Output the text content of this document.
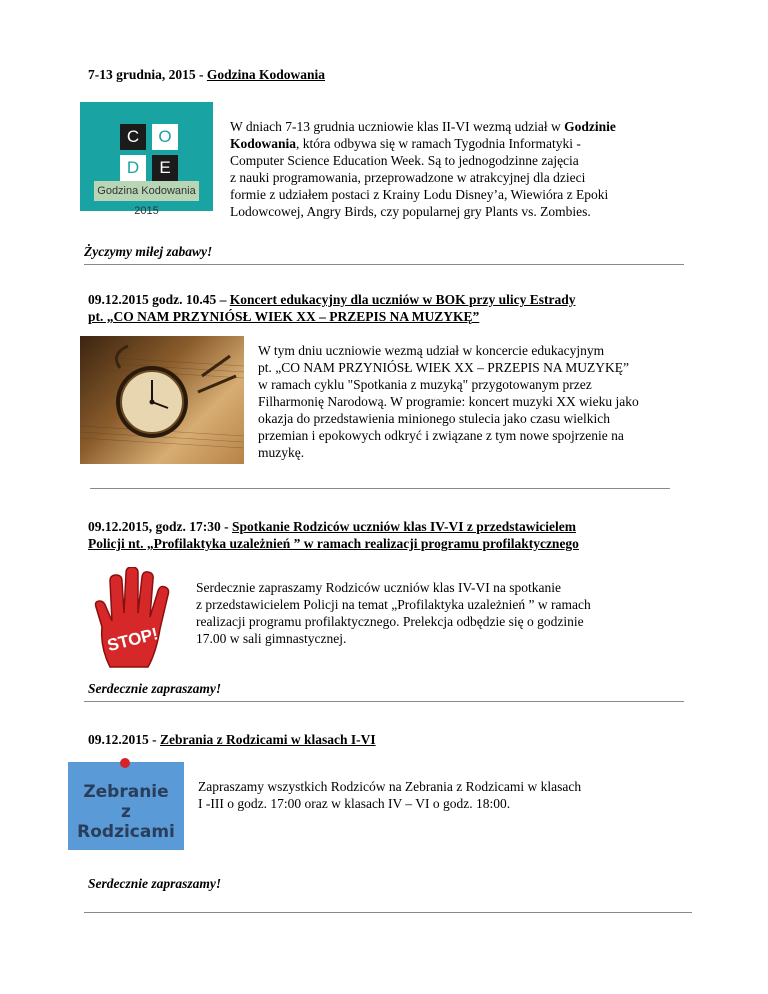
7-13 grudnia, 2015 - Godzina Kodowania
C	O
D	E
Godzina Kodowania 2015
W dniach 7-13 grudnia uczniowie klas II-VI wezmą udział w Godzinie
Kodowania, która odbywa się w ramach Tygodnia Informatyki -
Computer Science Education Week. Są to jednogodzinne zajęcia
z nauki programowania, przeprowadzone w atrakcyjnej dla dzieci
formie z udziałem postaci z Krainy Lodu Disney’a, Wiewióra z Epoki
Lodowcowej, Angry Birds, czy popularnej gry Plants vs. Zombies.
Życzymy miłej zabawy!
09.12.2015 godz. 10.45 – Koncert edukacyjny dla uczniów w BOK przy ulicy Estrady
pt. „CO NAM PRZYNIÓSŁ WIEK XX – PRZEPIS NA MUZYKĘ”
W tym dniu uczniowie wezmą udział w koncercie edukacyjnym
pt. „CO NAM PRZYNIÓSŁ WIEK XX – PRZEPIS NA MUZYKĘ”
w ramach cyklu "Spotkania z muzyką" przygotowanym przez
Filharmonię Narodową. W programie: koncert muzyki XX wieku jako
okazja do przedstawienia minionego stulecia jako czasu wielkich
przemian i epokowych odkryć i związane z tym nowe spojrzenie na
muzykę.
09.12.2015, godz. 17:30 - Spotkanie Rodziców uczniów klas IV-VI z przedstawicielem
Policji nt. „Profilaktyka uzależnień ” w ramach realizacji programu profilaktycznego
STOP!
Serdecznie zapraszamy Rodziców uczniów klas IV-VI na spotkanie
z przedstawicielem Policji na temat „Profilaktyka uzależnień ” w ramach
realizacji programu profilaktycznego. Prelekcja odbędzie się o godzinie
17.00 w sali gimnastycznej.
Serdecznie zapraszamy!
09.12.2015 - Zebrania z Rodzicami w klasach I-VI
Zebranie
z
Rodzicami
Zapraszamy wszystkich Rodziców na Zebrania z Rodzicami w klasach
I -III o godz. 17:00 oraz w klasach IV – VI o godz. 18:00.
Serdecznie zapraszamy!
